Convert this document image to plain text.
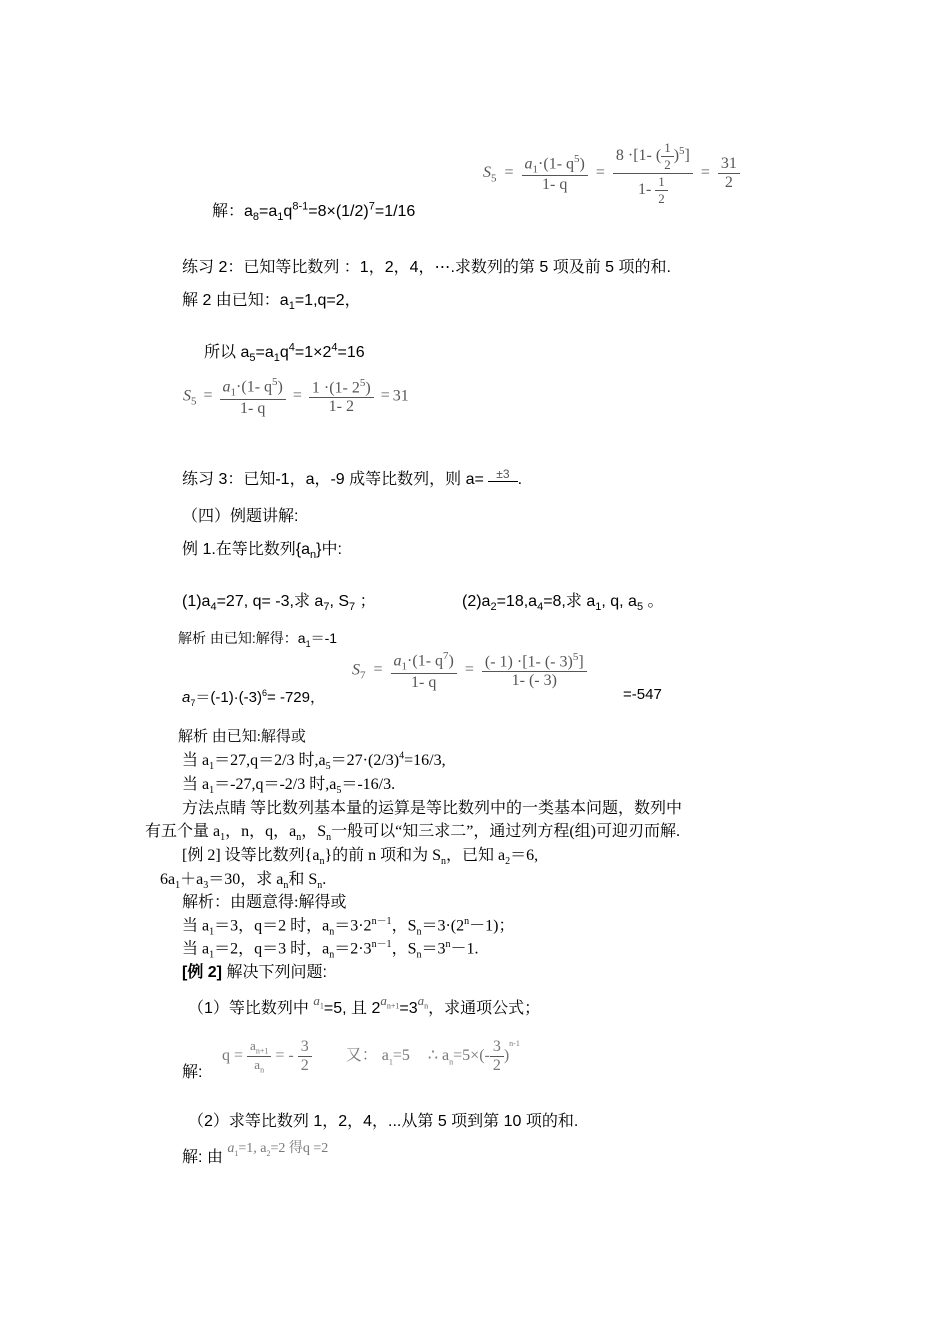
$S_5 = \frac{a_1\cdot(1- q^5)}{1- q} = \frac{8 \cdot[1- ( \frac{1}{2} )^5]}{1- \frac{1}{2}} = \frac{31}{2}$
解：$a_8=a_1q^{8-1}=8\times(1/2)^7=1/16$
练习 2：已知等比数列 ：1，2，4，⋯.求数列的第 5 项及前 5 项的和.
解 2 由已知：$a_1=1,q=2$，
所以 $a_5=a_1q^4=1\times 2^4=16$
$S_5 = \frac{a_1\cdot(1- q^5)}{1- q} = \frac{1 \cdot(1- 2^5)}{1- 2} = 31$
练习 3：已知-1，a，-9 成等比数列，则 a= ±3 .
（四）例题讲解:
例 1.在等比数列$\{a_n\}$中:
$(1)a_4=27$, q= -3,求 $a_7$, $S_7$ ；	$(2)a_2=18,a_4=8$,求 $a_1$, q, $a_5$ 。
解析 由已知:解得：$a_1=-1$
$S_7 = \frac{a_1\cdot(1- q^7)}{1- q} = \frac{(- 1) \cdot[1- (- 3)^5]}{1- (- 3)}$
$a_7=(-1)\cdot(-3)^6= -729$，	=-547
解析 由已知:解得或
当 $a_1=27,q=2/3$ 时$,a_5=27\cdot(2/3)^4=16/3$,
当 $a_1=-27,q=-2/3$ 时$,a_5=-16/3$.
方法点睛 等比数列基本量的运算是等比数列中的一类基本问题，数列中
有五个量 $a_1$，n，q，$a_n$，$S_n$一般可以“知三求二”，通过列方程(组)可迎刃而解.
[例 2] 设等比数列$\{a_n\}$的前 n 项和为 $S_n$，已知 $a_2=6$,
$6a_1+a_3=30$，求 $a_n$和 $S_n$.
解析：由题意得:解得或
当 $a_1=3$，q＝2 时，$a_n=3\cdot 2^{n-1}$，$S_n=3\cdot(2^n-1)$；
当 $a_1=2$，q＝3 时，$a_n=2\cdot 3^{n-1}$，$S_n=3^n-1$.
[例 2] 解决下列问题:
（1）等比数列中 $^{a_1}$=5, 且 $2^{a_{n+1}}=3^{a_n}$，求通项公式；
解:
$q = \frac{a_{n+1}}{a_n}$ = - $\frac{3}{2}$ 又： $a_1=5$ ∴ $a_n=5\times(- \frac{3}{2} )^{n-1}$
（2）求等比数列 1，2，4，...从第 5 项到第 10 项的和.
解: 由 $a_1=1$, $a_2=2$ 得q =2
